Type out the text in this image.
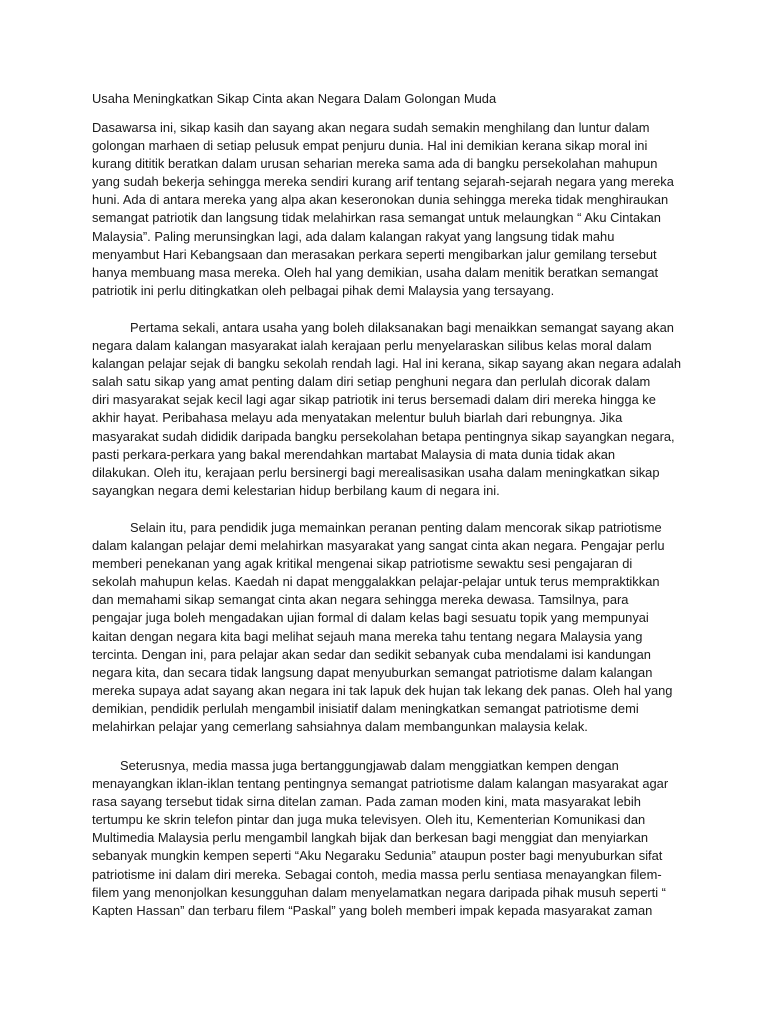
Usaha Meningkatkan Sikap Cinta akan Negara Dalam Golongan Muda
Dasawarsa ini, sikap kasih dan sayang akan negara sudah semakin menghilang dan luntur dalam
golongan marhaen di setiap pelusuk empat penjuru dunia. Hal ini demikian kerana sikap moral ini
kurang dititik beratkan dalam urusan seharian mereka sama ada di bangku persekolahan mahupun
yang sudah bekerja sehingga mereka sendiri kurang arif tentang sejarah-sejarah negara yang mereka
huni. Ada di antara mereka yang alpa akan keseronokan dunia sehingga mereka tidak menghiraukan
semangat patriotik dan langsung tidak melahirkan rasa semangat untuk melaungkan “ Aku Cintakan
Malaysia”. Paling meruns​ingkan lagi, ada dalam kalangan rakyat yang langsung tidak mahu
menyambut Hari Kebangsaan dan merasakan perkara seperti mengibarkan jalur gemilang tersebut
hanya membuang masa mereka. Oleh hal yang demikian, usaha dalam menitik beratkan semangat
patriotik ini perlu ditingkatkan oleh pelbagai pihak demi Malaysia yang tersayang.
Pertama sekali, antara usaha yang boleh dilaksanakan bagi menaikkan semangat sayang akan
negara dalam kalangan masyarakat ialah kerajaan perlu menyelaraskan silibus kelas moral dalam
kalangan pelajar sejak di bangku sekolah rendah lagi. Hal ini kerana, sikap sayang akan negara adalah
salah satu sikap yang amat penting dalam diri setiap penghuni negara dan perlulah dicorak dalam
diri masyarakat sejak kecil lagi agar sikap patriotik ini terus bersemadi dalam diri mereka hingga ke
akhir hayat. Peribahasa melayu ada menyatakan melentur buluh biarlah dari rebungnya. Jika
masyarakat sudah dididik daripada bangku persekolahan betapa pentingnya sikap sayangkan negara,
pasti perkara-perkara yang bakal merendahkan martabat Malaysia di mata dunia tidak akan
dilakukan. Oleh itu, kerajaan perlu bersinergi bagi merealisasikan usaha dalam meningkatkan sikap
sayangkan negara demi kelestarian hidup berbilang kaum di negara ini.
Selain itu, para pendidik juga memainkan peranan penting dalam mencorak sikap patriotisme
dalam kalangan pelajar demi melahirkan masyarakat yang sangat cinta akan negara. Pengajar perlu
memberi penekanan yang agak kritikal mengenai sikap patriotisme sewaktu sesi pengajaran di
sekolah mahupun kelas. Kaedah ni dapat menggalakkan pelajar-pelajar untuk terus mempraktikkan
dan memahami sikap semangat cinta akan negara sehingga mereka dewasa. Tamsilnya, para
pengajar juga boleh mengadakan ujian formal di dalam kelas bagi sesuatu topik yang mempunyai
kaitan dengan negara kita bagi melihat sejauh mana mereka tahu tentang negara Malaysia yang
tercinta. Dengan ini, para pelajar akan sedar dan sedikit sebanyak cuba mendalami isi kandungan
negara kita, dan secara tidak langsung dapat menyuburkan semangat patriotisme dalam kalangan
mereka supaya adat sayang akan negara ini tak lapuk dek hujan tak lekang dek panas. Oleh hal yang
demikian, pendidik perlulah mengambil inisiatif dalam meningkatkan semangat patriotisme demi
melahirkan pelajar yang cemerlang sahsiahnya dalam membangunkan malaysia kelak.
Seterusnya, media massa juga bertanggungjawab dalam menggiatkan kempen dengan
menayangkan iklan-iklan tentang pentingnya semangat patriotisme dalam kalangan masyarakat agar
rasa sayang tersebut tidak sirna ditelan zaman. Pada zaman moden kini, mata masyarakat lebih
tertumpu ke skrin telefon pintar dan juga muka televisyen. Oleh itu, Kementerian Komunikasi dan
Multimedia Malaysia perlu mengambil langkah bijak dan berkesan bagi menggiat dan menyiarkan
sebanyak mungkin kempen seperti “Aku Negaraku Sedunia” ataupun poster bagi menyuburkan sifat
patriotisme ini dalam diri mereka. Sebagai contoh, media massa perlu sentiasa menayangkan filem-
filem yang menonjolkan kesungguhan dalam menyelamatkan negara daripada pihak musuh seperti “
Kapten Hassan” dan terbaru filem “Paskal” yang boleh memberi impak kepada masyarakat zaman
